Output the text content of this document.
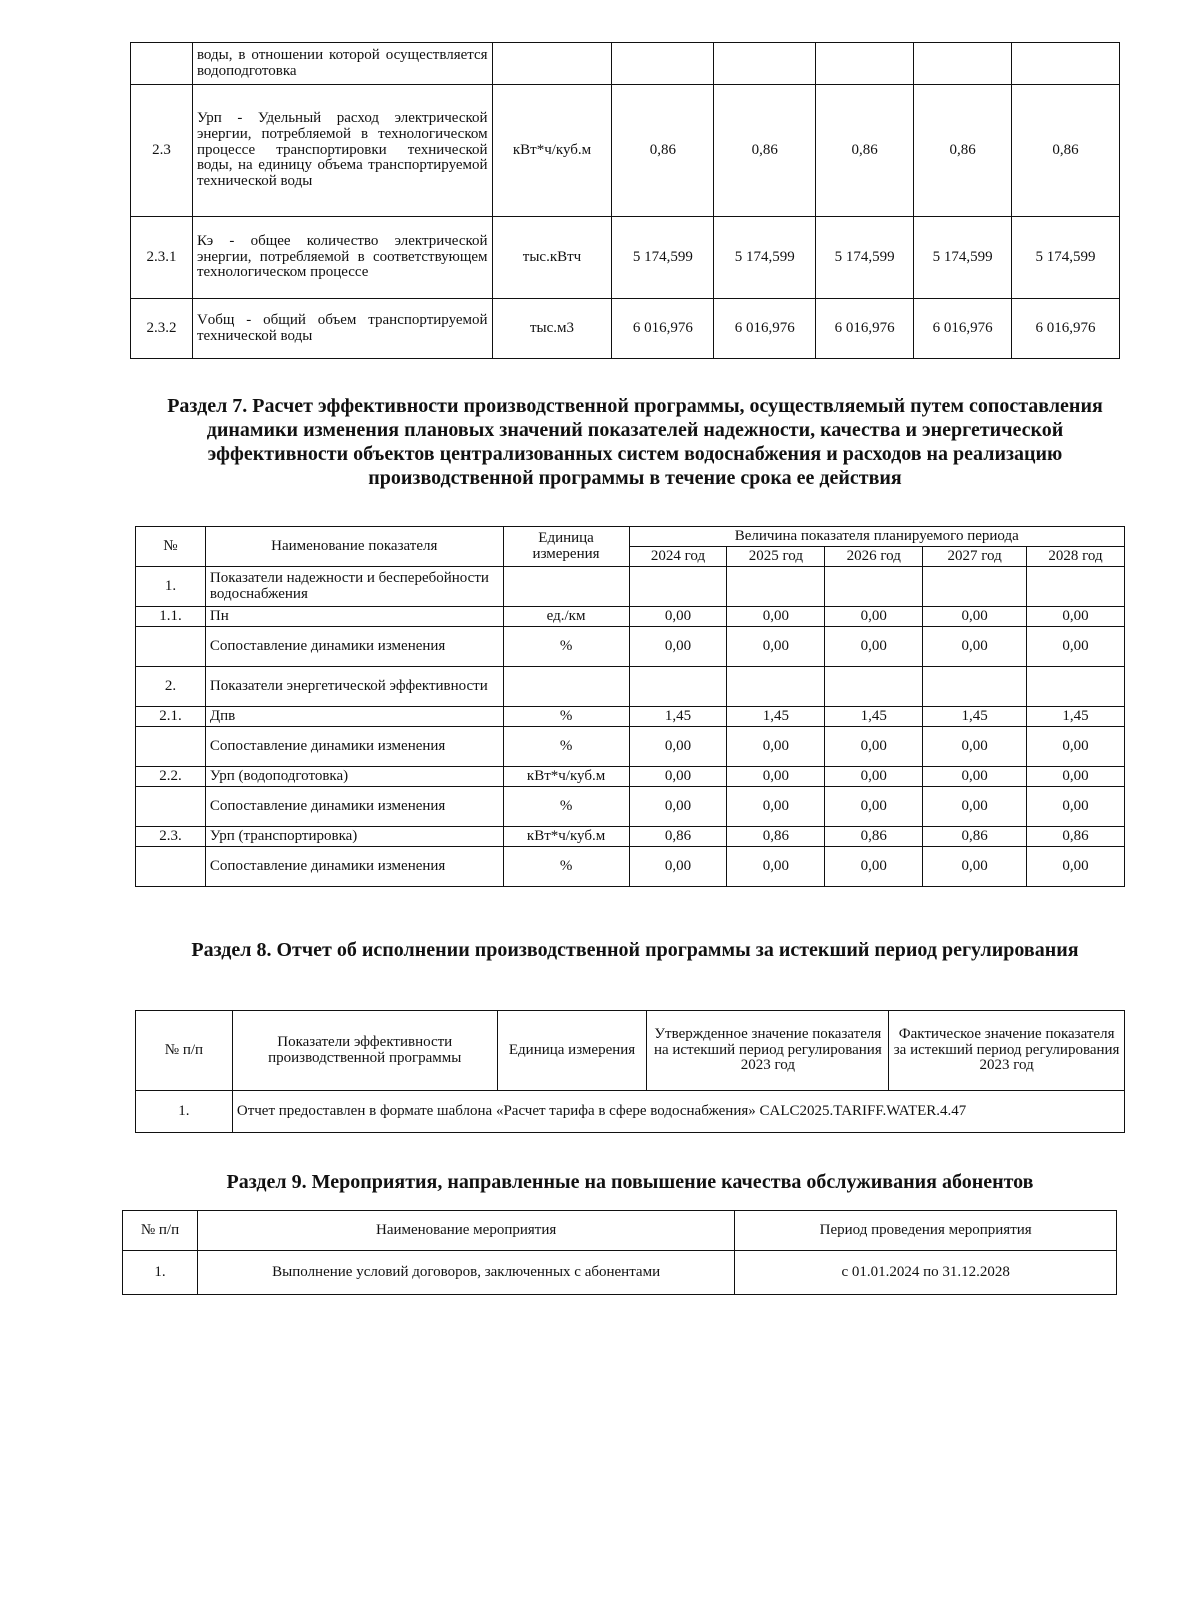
	воды, в отношении которой осуществляется водоподготовка						
2.3	Урп - Удельный расход электрической энергии, потребляемой в технологическом процессе транспортировки технической воды, на единицу объема транспортируемой технической воды	кВт*ч/куб.м	0,86	0,86	0,86	0,86	0,86
2.3.1	Кэ - общее количество электрической энергии, потребляемой в соответствующем технологическом процессе	тыс.кВтч	5 174,599	5 174,599	5 174,599	5 174,599	5 174,599
2.3.2	Vобщ - общий объем транспортируемой технической воды	тыс.м3	6 016,976	6 016,976	6 016,976	6 016,976	6 016,976
Раздел 7. Расчет эффективности производственной программы, осуществляемый путем сопоставления динамики изменения плановых значений показателей надежности, качества и энергетической эффективности объектов централизованных систем водоснабжения и расходов на реализацию производственной программы в течение срока ее действия
№	Наименование показателя	Единица измерения	Величина показателя планируемого периода				
			2024 год	2025 год	2026 год	2027 год	2028 год
1.	Показатели надежности и бесперебойности водоснабжения						
1.1.	Пн	ед./км	0,00	0,00	0,00	0,00	0,00
	Сопоставление динамики изменения	%	0,00	0,00	0,00	0,00	0,00
2.	Показатели энергетической эффективности						
2.1.	Дпв	%	1,45	1,45	1,45	1,45	1,45
	Сопоставление динамики изменения	%	0,00	0,00	0,00	0,00	0,00
2.2.	Урп (водоподготовка)	кВт*ч/куб.м	0,00	0,00	0,00	0,00	0,00
	Сопоставление динамики изменения	%	0,00	0,00	0,00	0,00	0,00
2.3.	Урп (транспортировка)	кВт*ч/куб.м	0,86	0,86	0,86	0,86	0,86
	Сопоставление динамики изменения	%	0,00	0,00	0,00	0,00	0,00
Раздел 8. Отчет об исполнении производственной программы за истекший период регулирования
№ п/п	Показатели эффективности производственной программы	Единица измерения	Утвержденное значение показателя на истекший период регулирования 2023 год	Фактическое значение показателя за истекший период регулирования 2023 год
1.	Отчет предоставлен в формате шаблона «Расчет тарифа в сфере водоснабжения» CALC2025.TARIFF.WATER.4.47			
Раздел 9. Мероприятия, направленные на повышение качества обслуживания абонентов
№ п/п	Наименование мероприятия	Период проведения мероприятия
1.	Выполнение условий договоров, заключенных с абонентами	с 01.01.2024 по 31.12.2028
